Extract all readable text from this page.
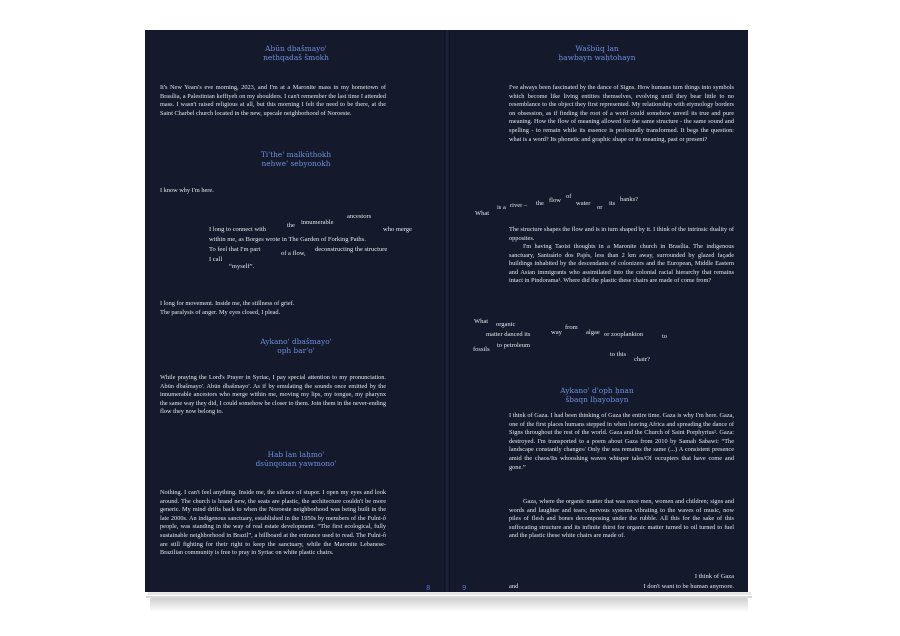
Abūn dbašmayo'
nethqadaš šmokh
It's New Years's eve morning, 2023, and I'm at a Maronite mass in my hometown of Brasília, a Palestinian keffiyeh on my shoulders. I can't remember the last time I attended mass. I wasn't raised religious at all, but this morning I felt the need to be there, at the Saint Charbel church located in the new, upscale neighborhood of Noroeste.
Ti'the' malkūthokh
nehwe' sebyonokh
I know why I'm here.
ancestors
I long to connect with
the innumerable
who merge
within me, as Borges wrote in The Garden of Forking Paths.
To feel that I'm part
of a flow,
deconstructing the structure
I call
“myself”.

I long for movement. Inside me, the stillness of grief.

The paralysis of anger. My eyes closed, I plead.

Aykano' dbašmayo'
oph bar'o'
While praying the Lord's Prayer in Syriac, I pay special attention to my pronunciation. Abūn dbašmayo'. Abūn dbašmayo'. As if by emulating the sounds once emitted by the innumerable ancestors who merge within me, moving my lips, my tongue, my pharynx the same way they did, I could somehow be closer to them. Join them in the never-ending flow they now belong to.
Hab lan laḥmo'
dsūnqonan yawmono'
Nothing. I can't feel anything. Inside me, the silence of stupor. I open my eyes and look around. The church is brand new, the seats are plastic, the architecture couldn't be more generic. My mind drifts back to when the Noroeste neighborhood was being built in the late 2000s. An indigenous sanctuary, established in the 1950s by members of the Fulni-ô people, was standing in the way of real estate development. “The first ecological, fully sustainable neighborhood in Brazil”, a billboard at the entrance used to read. The Fulni-ô are still fighting for their right to keep the sanctuary, while the Maronite Lebanese-Brazilian community is free to pray in Syriac on white plastic chairs.
8
Wašbūq lan
ḥawbayn waḥtohayn
I've always been fascinated by the dance of Signs. How humans turn things into symbols which become like living entities themselves, evolving until they bear little to no resemblance to the object they first represented. My relationship with etymology borders on obsession, as if finding the root of a word could somehow unveil its true and pure meaning. How the flow of meaning allowed for the same structure - the same sound and spelling - to remain while its essence is profoundly transformed. It begs the question: what is a word? Its phonetic and graphic shape or its meaning, past or present?
What
is a river – the flow
of
water
or
its
banks?
The structure shapes the flow and is in turn shaped by it. I think of the intrinsic duality of opposites.
I'm having Taoist thoughts in a Maronite church in Brasília. The indigenous sanctuary, Santuário dos Pajés, less than 2 km away, surrounded by glazed façade buildings inhabited by the descendants of colonizers and the European, Middle Eastern and Asian immigrants who assimilated into the colonial racial hierarchy that remains intact in Pindorama¹. Where did the plastic these chairs are made of come from?
What organic
matter danced its	way
from
algae or zooplankton	to
fossils
to petroleum
to this
chair?
Aykano' d'oph ḥnan
šbaqn lḥayobayn
I think of Gaza. I had been thinking of Gaza the entire time. Gaza is why I'm here. Gaza, one of the first places humans stepped in when leaving Africa and spreading the dance of Signs throughout the rest of the world. Gaza and the Church of Saint Porphyrius². Gaza: destroyed. I'm transported to a poem about Gaza from 2010 by Samah Sabawi: “The landscape constantly changes/ Only the sea remains the same (...) A consistent presence amid the chaos/Its whooshing waves whisper tales/Of occupiers that have come and gone.”
Gaza, where the organic matter that was once men, women and children; signs and words and laughter and tears; nervous systems vibrating to the waves of music, now piles of flesh and bones decomposing under the rubble. All this for the sake of this suffocating structure and its infinite thirst for organic matter turned to oil turned to fuel and the plastic these white chairs are made of.
I think of Gaza
and	I don't want to be human anymore.
9
